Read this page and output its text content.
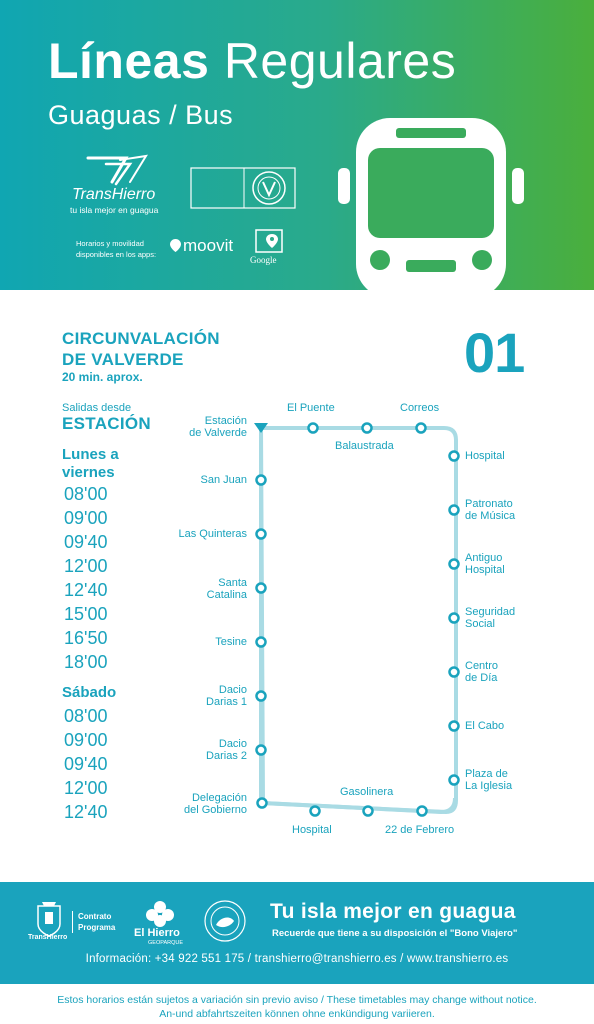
Líneas Regulares
Guaguas / Bus
TransHierro
tu isla mejor en guagua
Horarios y movilidad disponibles en los apps:	moovit
Google
CIRCUNVALACIÓN
DE VALVERDE
20 min. aprox.	01
Salidas desde
ESTACIÓN
Lunes a
viernes
08'00
09'00
09'40
12'00
12'40
15'00
16'50
18'00
Sábado
08'00
09'00
09'40
12'00
12'40
Estación
de Valverde
El Puente
Balaustrada
Correos
Hospital
Patronato
de Música
Antiguo
Hospital
Seguridad
Social
Centro
de Día
El Cabo
Plaza de
La Iglesia
22 de Febrero
Gasolinera
Hospital
Delegación
del Gobierno
Dacio
Darias 2
Dacio
Darias 1
Tesine
Santa
Catalina
Las Quinteras
San Juan
TransHierro
Contrato
Programa El Hierro
GEOPARQUE
Tu isla mejor en guagua
Recuerde que tiene a su disposición el "Bono Viajero"
Información: +34 922 551 175 / transhierro@transhierro.es / www.transhierro.es
Estos horarios están sujetos a variación sin previo aviso / These timetables may change without notice.
An-und abfahrtszeiten können ohne enkündigung variieren.
